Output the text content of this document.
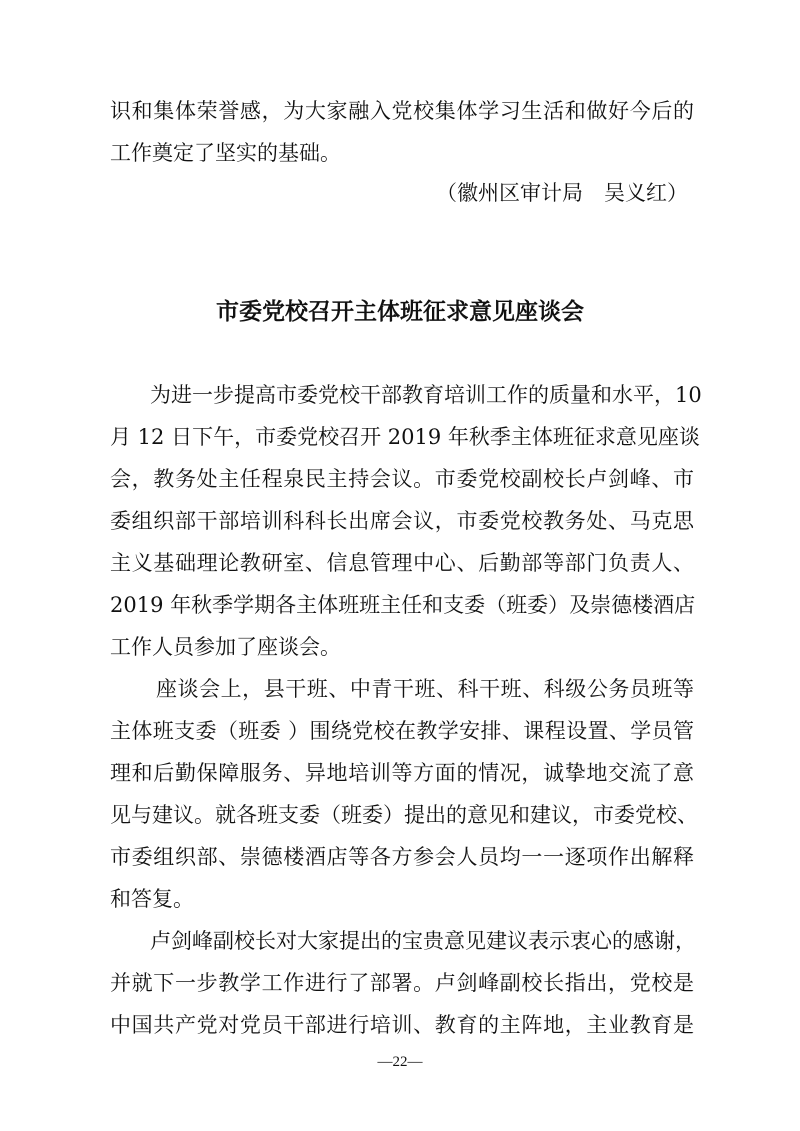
识和集体荣誉感，为大家融入党校集体学习生活和做好今后的
工作奠定了坚实的基础。
（徽州区审计局　吴义红）
市委党校召开主体班征求意见座谈会
为进一步提高市委党校干部教育培训工作的质量和水平，10
月 12 日下午，市委党校召开 2019 年秋季主体班征求意见座谈
会，教务处主任程泉民主持会议。市委党校副校长卢剑峰、市
委组织部干部培训科科长出席会议，市委党校教务处、马克思
主义基础理论教研室、信息管理中心、后勤部等部门负责人、
2019 年秋季学期各主体班班主任和支委（班委）及崇德楼酒店
工作人员参加了座谈会。
座谈会上，县干班、中青干班、科干班、科级公务员班等
主体班支委（班委 ）围绕党校在教学安排、课程设置、学员管
理和后勤保障服务、异地培训等方面的情况，诚挚地交流了意
见与建议。就各班支委（班委）提出的意见和建议，市委党校、
市委组织部、崇德楼酒店等各方参会人员均一一逐项作出解释
和答复。
卢剑峰副校长对大家提出的宝贵意见建议表示衷心的感谢，
并就下一步教学工作进行了部署。卢剑峰副校长指出，党校是
中国共产党对党员干部进行培训、教育的主阵地，主业教育是
—22—
